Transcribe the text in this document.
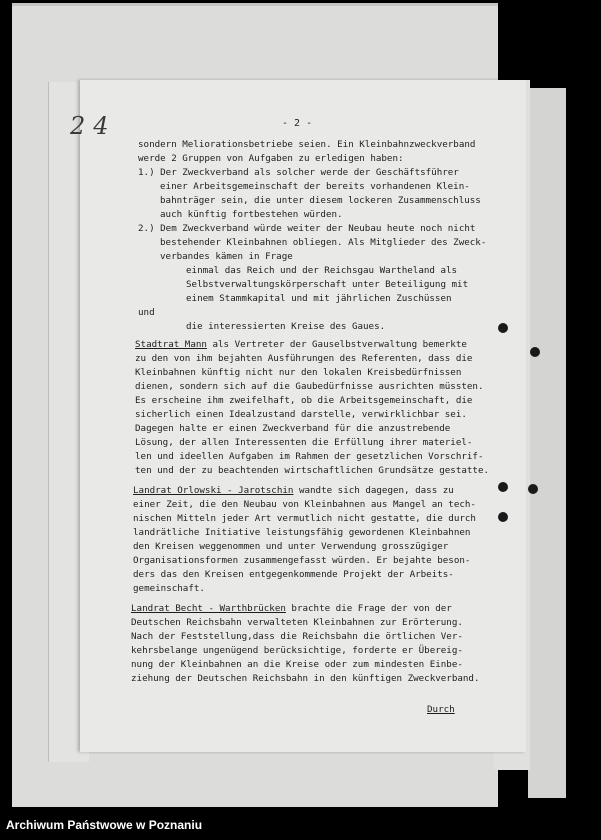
24	- 2 -
sondern Meliorationsbetriebe seien. Ein Kleinbahnzweckverband
werde 2 Gruppen von Aufgaben zu erledigen haben:
1.) Der Zweckverband als solcher werde der Geschäftsführer
einer Arbeitsgemeinschaft der bereits vorhandenen Klein-
bahnträger sein, die unter diesem lockeren Zusammenschluss
auch künftig fortbestehen würden.
2.) Dem Zweckverband würde weiter der Neubau heute noch nicht
bestehender Kleinbahnen obliegen. Als Mitglieder des Zweck-
verbandes kämen in Frage
einmal das Reich und der Reichsgau Wartheland als
Selbstverwaltungskörperschaft unter Beteiligung mit
einem Stammkapital und mit jährlichen Zuschüssen
und
die interessierten Kreise des Gaues.
Stadtrat Mann als Vertreter der Gauselbstverwaltung bemerkte
zu den von ihm bejahten Ausführungen des Referenten, dass die
Kleinbahnen künftig nicht nur den lokalen Kreisbedürfnissen
dienen, sondern sich auf die Gaubedürfnisse ausrichten müssten.
Es erscheine ihm zweifelhaft, ob die Arbeitsgemeinschaft, die
sicherlich einen Idealzustand darstelle, verwirklichbar sei.
Dagegen halte er einen Zweckverband für die anzustrebende
Lösung, der allen Interessenten die Erfüllung ihrer materiel-
len und ideellen Aufgaben im Rahmen der gesetzlichen Vorschrif-
ten und der zu beachtenden wirtschaftlichen Grundsätze gestatte.
Landrat Orlowski - Jarotschin wandte sich dagegen, dass zu
einer Zeit, die den Neubau von Kleinbahnen aus Mangel an tech-
nischen Mitteln jeder Art vermutlich nicht gestatte, die durch
landrätliche Initiative leistungsfähig gewordenen Kleinbahnen
den Kreisen weggenommen und unter Verwendung grosszügiger
Organisationsformen zusammengefasst würden. Er bejahte beson-
ders das den Kreisen entgegenkommende Projekt der Arbeits-
gemeinschaft.
Landrat Becht - Warthbrücken brachte die Frage der von der
Deutschen Reichsbahn verwalteten Kleinbahnen zur Erörterung.
Nach der Feststellung,dass die Reichsbahn die örtlichen Ver-
kehrsbelange ungenügend berücksichtige, forderte er Übereig-
nung der Kleinbahnen an die Kreise oder zum mindesten Einbe-
ziehung der Deutschen Reichsbahn in den künftigen Zweckverband.
Durch
Archiwum Państwowe w Poznaniu
